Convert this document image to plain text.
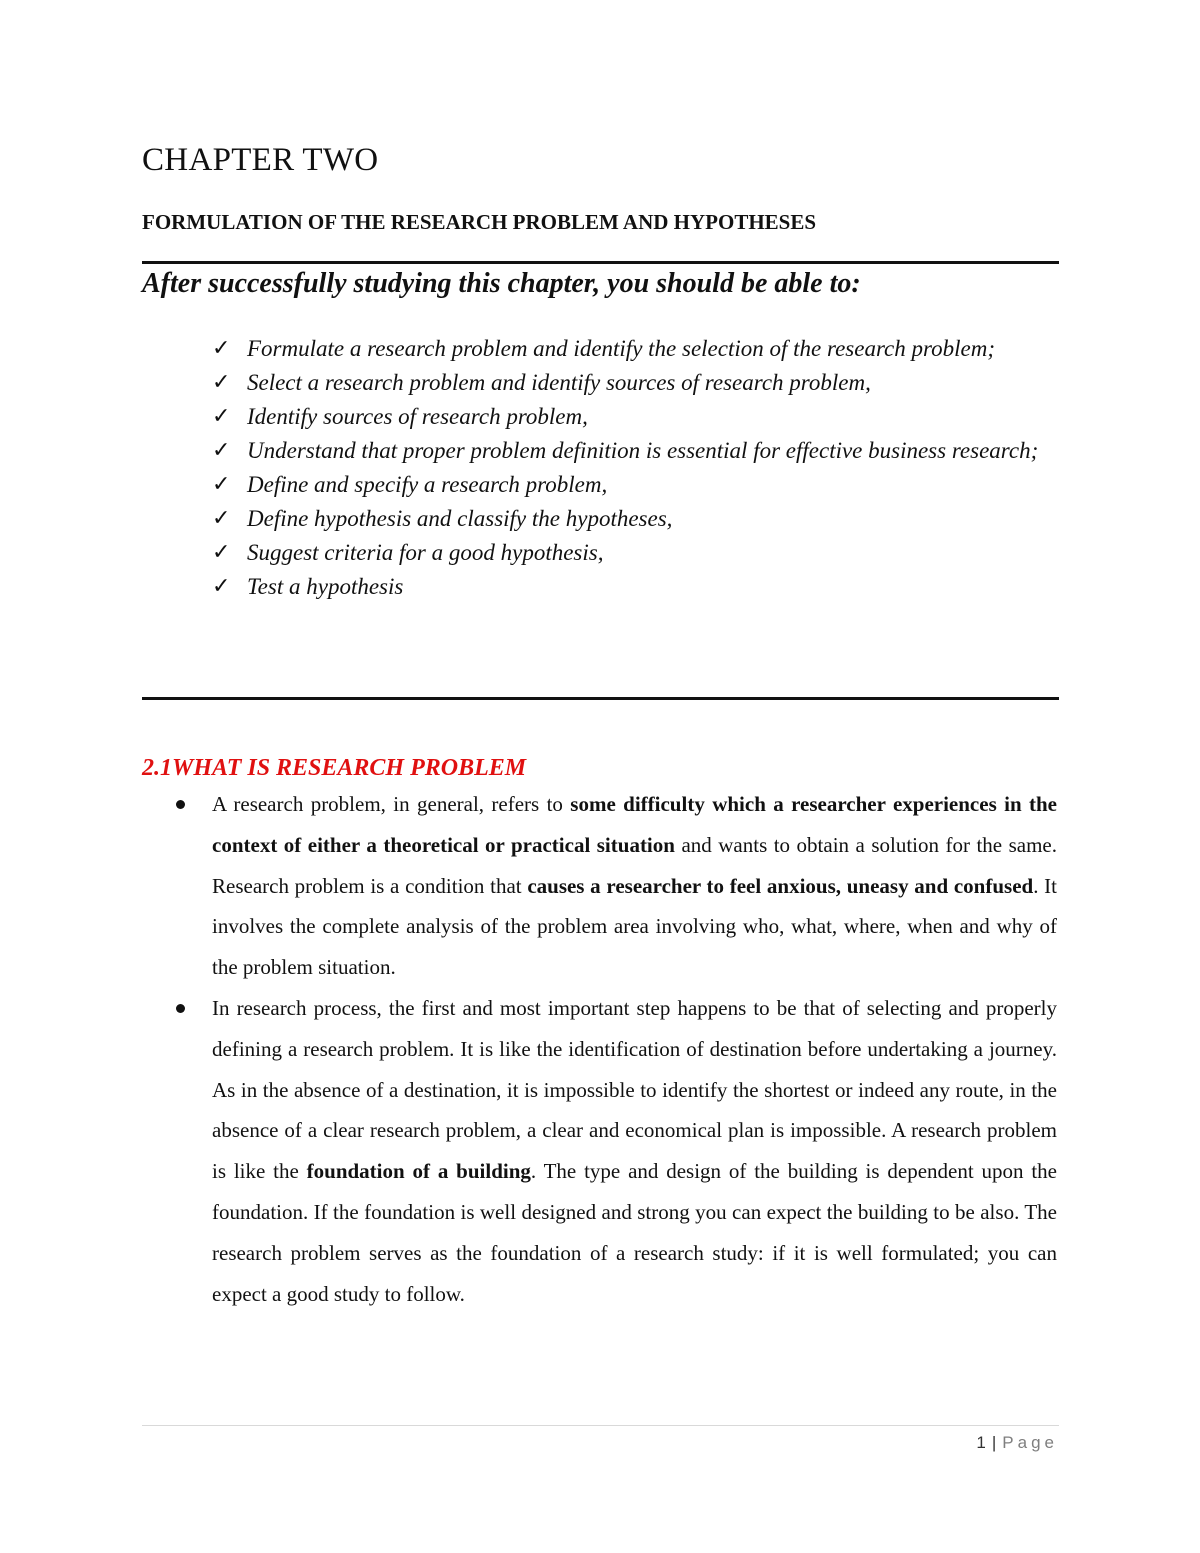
CHAPTER TWO
FORMULATION OF THE RESEARCH PROBLEM AND HYPOTHESES
After successfully studying this chapter, you should be able to:
✓ Formulate a research problem and identify the selection of the research problem;
✓ Select a research problem and identify sources of research problem,
✓ Identify sources of research problem,
✓ Understand that proper problem definition is essential for effective business research;
✓ Define and specify a research problem,
✓ Define hypothesis and classify the hypotheses,
✓ Suggest criteria for a good hypothesis,
✓ Test a hypothesis
2.1WHAT IS RESEARCH PROBLEM
A research problem, in general, refers to some difficulty which a researcher experiences in the context of either a theoretical or practical situation and wants to obtain a solution for the same. Research problem is a condition that causes a researcher to feel anxious, uneasy and confused. It involves the complete analysis of the problem area involving who, what, where, when and why of the problem situation.
In research process, the first and most important step happens to be that of selecting and properly defining a research problem. It is like the identification of destination before undertaking a journey. As in the absence of a destination, it is impossible to identify the shortest or indeed any route, in the absence of a clear research problem, a clear and economical plan is impossible. A research problem is like the foundation of a building. The type and design of the building is dependent upon the foundation. If the foundation is well designed and strong you can expect the building to be also. The research problem serves as the foundation of a research study: if it is well formulated; you can expect a good study to follow.
1 | Page
